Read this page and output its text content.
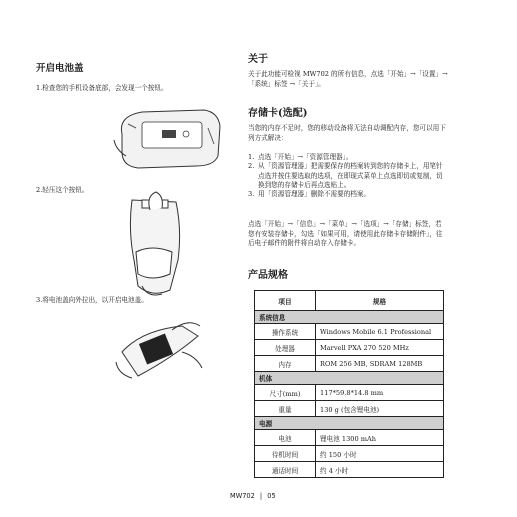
开启电池盖
1.检查您的手机设备底部，会发现一个按钮。
2.轻压这个按钮。
3.将电池盖向外拉出，以开启电池盖。
关于
关于此功能可检视 MW702 的所有信息，点选「开始」→「设置」→「系统」标签 →「关于」。
存储卡(选配)
当您的内存不足时，您的移动设备将无法自动调配内存，您可以用下列方式解决：
1. 点选「开始」→「资源管理器」。
2. 从「资源管理器」把需要保存的档案转到您的存储卡上，用笔针点选并按住要选取的选项，在即现式菜单上点选即切或复制，切换到您的存储卡后再点选贴上。
3. 用「资源管理器」删除不需要的档案。
点选「开始」→「信息」→「菜单」→「选项」→「存储」标签，若您有安装存储卡，勾选「如果可用，请使用此存储卡存储附件」，往后电子邮件的附件将自动存入存储卡。
产品规格
项目	规格
系统信息	
操作系统	Windows Mobile 6.1 Professional
处理器	Marvell PXA 270 520 MHz
内存	ROM 256 MB, SDRAM 128MB
机体	
尺寸(mm)	117*59.8*14.8 mm
重量	130 g (包含锂电池)
电源	
电池	锂电池 1300 mAh
待机时间	约 150 小时
通话时间	约 4 小时
MW702 | 05
